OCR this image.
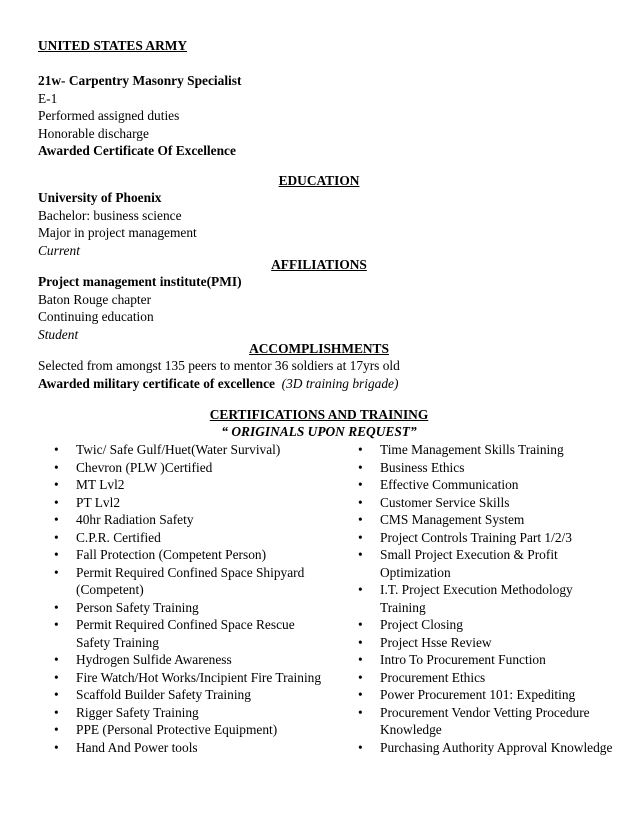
UNITED STATES ARMY

21w- Carpentry Masonry Specialist
E-1
Performed assigned duties
Honorable discharge
Awarded Certificate Of Excellence
EDUCATION
University of Phoenix
Bachelor: business science
Major in project management
Current
AFFILIATIONS
Project management institute(PMI)
Baton Rouge chapter
Continuing education
Student
ACCOMPLISHMENTS
Selected from amongst 135 peers to mentor 36 soldiers at 17yrs old
Awarded military certificate of excellence (3D training brigade)
CERTIFICATIONS AND TRAINING
“ ORIGINALS UPON REQUEST”
•	Twic/ Safe Gulf/Huet(Water Survival)
•	Chevron (PLW )Certified
•	MT Lvl2
•	PT Lvl2
•	40hr Radiation Safety
•	C.P.R. Certified
•	Fall Protection (Competent Person)
•	Permit Required Confined Space Shipyard (Competent)
•	Person Safety Training
•	Permit Required Confined Space Rescue Safety Training
•	Hydrogen Sulfide Awareness
•	Fire Watch/Hot Works/Incipient Fire Training
•	Scaffold Builder Safety Training
•	Rigger Safety Training
•	PPE (Personal Protective Equipment)
•	Hand And Power tools
•	Time Management Skills Training
•	Business Ethics
•	Effective Communication
•	Customer Service Skills
•	CMS Management System
•	Project Controls Training Part 1/2/3
•	Small Project Execution & Profit Optimization
•	I.T. Project Execution Methodology Training
•	Project Closing
•	Project Hsse Review
•	Intro To Procurement Function
•	Procurement Ethics
•	Power Procurement 101: Expediting
•	Procurement Vendor Vetting Procedure Knowledge
•	Purchasing Authority Approval Knowledge
